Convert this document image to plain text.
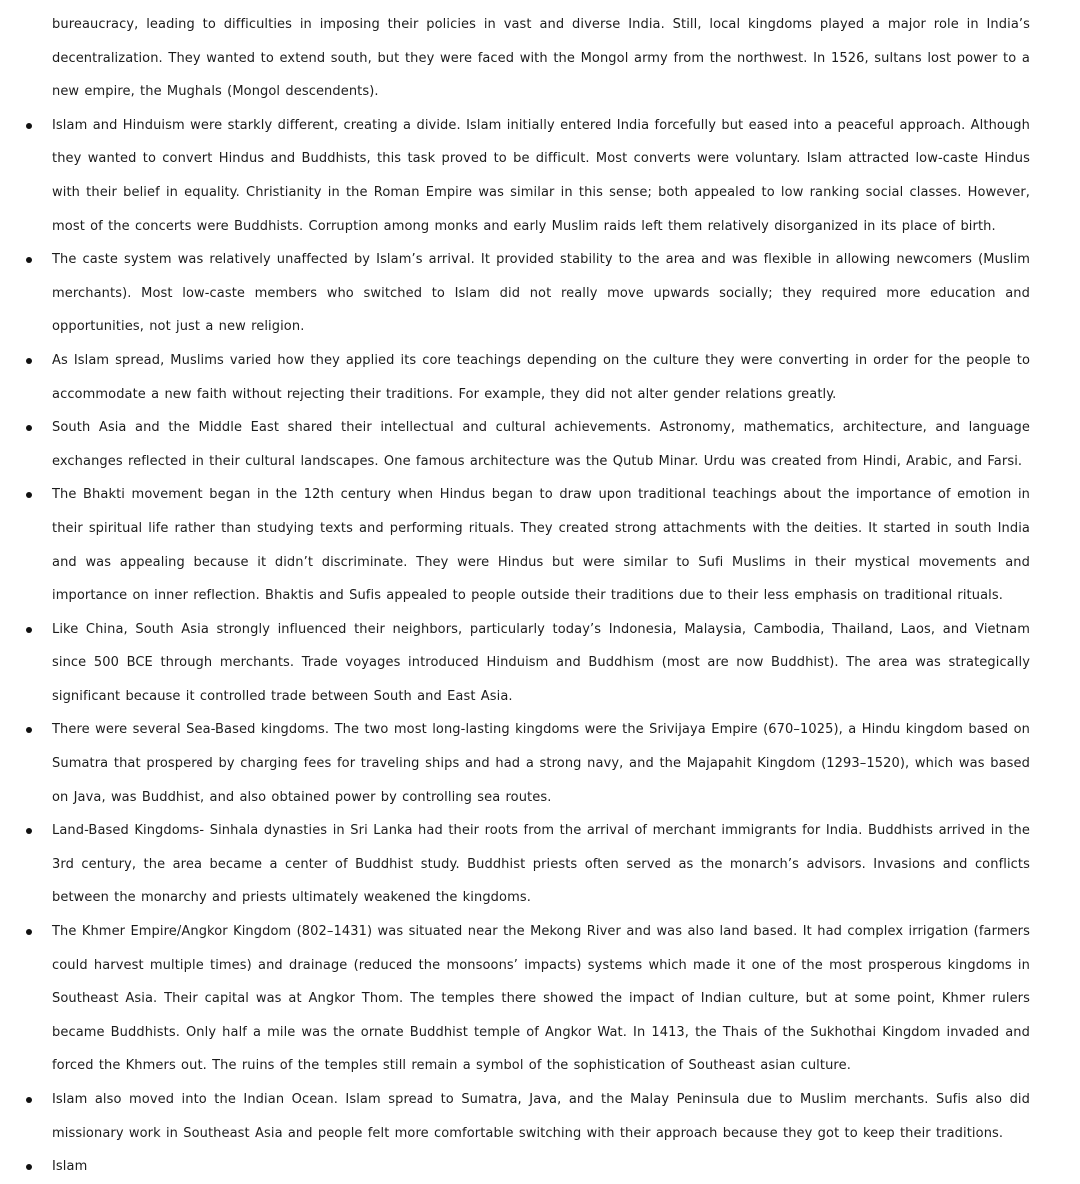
bureaucracy, leading to difficulties in imposing their policies in vast and diverse India. Still, local kingdoms played a major role in India’s decentralization. They wanted to extend south, but they were faced with the Mongol army from the northwest. In 1526, sultans lost power to a new empire, the Mughals (Mongol descendents).

Islam and Hinduism were starkly different, creating a divide. Islam initially entered India forcefully but eased into a peaceful approach. Although they wanted to convert Hindus and Buddhists, this task proved to be difficult. Most converts were voluntary. Islam attracted low-caste Hindus with their belief in equality. Christianity in the Roman Empire was similar in this sense; both appealed to low ranking social classes. However, most of the concerts were Buddhists. Corruption among monks and early Muslim raids left them relatively disorganized in its place of birth.
The caste system was relatively unaffected by Islam’s arrival. It provided stability to the area and was flexible in allowing newcomers (Muslim merchants). Most low-caste members who switched to Islam did not really move upwards socially; they required more education and opportunities, not just a new religion.
As Islam spread, Muslims varied how they applied its core teachings depending on the culture they were converting in order for the people to accommodate a new faith without rejecting their traditions. For example, they did not alter gender relations greatly.
South Asia and the Middle East shared their intellectual and cultural achievements. Astronomy, mathematics, architecture, and language exchanges reflected in their cultural landscapes. One famous architecture was the Qutub Minar. Urdu was created from Hindi, Arabic, and Farsi.
The Bhakti movement began in the 12th century when Hindus began to draw upon traditional teachings about the importance of emotion in their spiritual life rather than studying texts and performing rituals. They created strong attachments with the deities. It started in south India and was appealing because it didn’t discriminate. They were Hindus but were similar to Sufi Muslims in their mystical movements and importance on inner reflection. Bhaktis and Sufis appealed to people outside their traditions due to their less emphasis on traditional rituals.
Like China, South Asia strongly influenced their neighbors, particularly today’s Indonesia, Malaysia, Cambodia, Thailand, Laos, and Vietnam since 500 BCE through merchants. Trade voyages introduced Hinduism and Buddhism (most are now Buddhist). The area was strategically significant because it controlled trade between South and East Asia.
There were several Sea-Based kingdoms. The two most long-lasting kingdoms were the Srivijaya Empire (670–1025), a Hindu kingdom based on Sumatra that prospered by charging fees for traveling ships and had a strong navy, and the Majapahit Kingdom (1293–1520), which was based on Java, was Buddhist, and also obtained power by controlling sea routes.
Land-Based Kingdoms- Sinhala dynasties in Sri Lanka had their roots from the arrival of merchant immigrants for India. Buddhists arrived in the 3rd century, the area became a center of Buddhist study. Buddhist priests often served as the monarch’s advisors. Invasions and conflicts between the monarchy and priests ultimately weakened the kingdoms.
The Khmer Empire/Angkor Kingdom (802–1431) was situated near the Mekong River and was also land based. It had complex irrigation (farmers could harvest multiple times) and drainage (reduced the monsoons’ impacts) systems which made it one of the most prosperous kingdoms in Southeast Asia. Their capital was at Angkor Thom. The temples there showed the impact of Indian culture, but at some point, Khmer rulers became Buddhists. Only half a mile was the ornate Buddhist temple of Angkor Wat. In 1413, the Thais of the Sukhothai Kingdom invaded and forced the Khmers out. The ruins of the temples still remain a symbol of the sophistication of Southeast asian culture.
Islam also moved into the Indian Ocean. Islam spread to Sumatra, Java, and the Malay Peninsula due to Muslim merchants. Sufis also did missionary work in Southeast Asia and people felt more comfortable switching with their approach because they got to keep their traditions.
Islam
